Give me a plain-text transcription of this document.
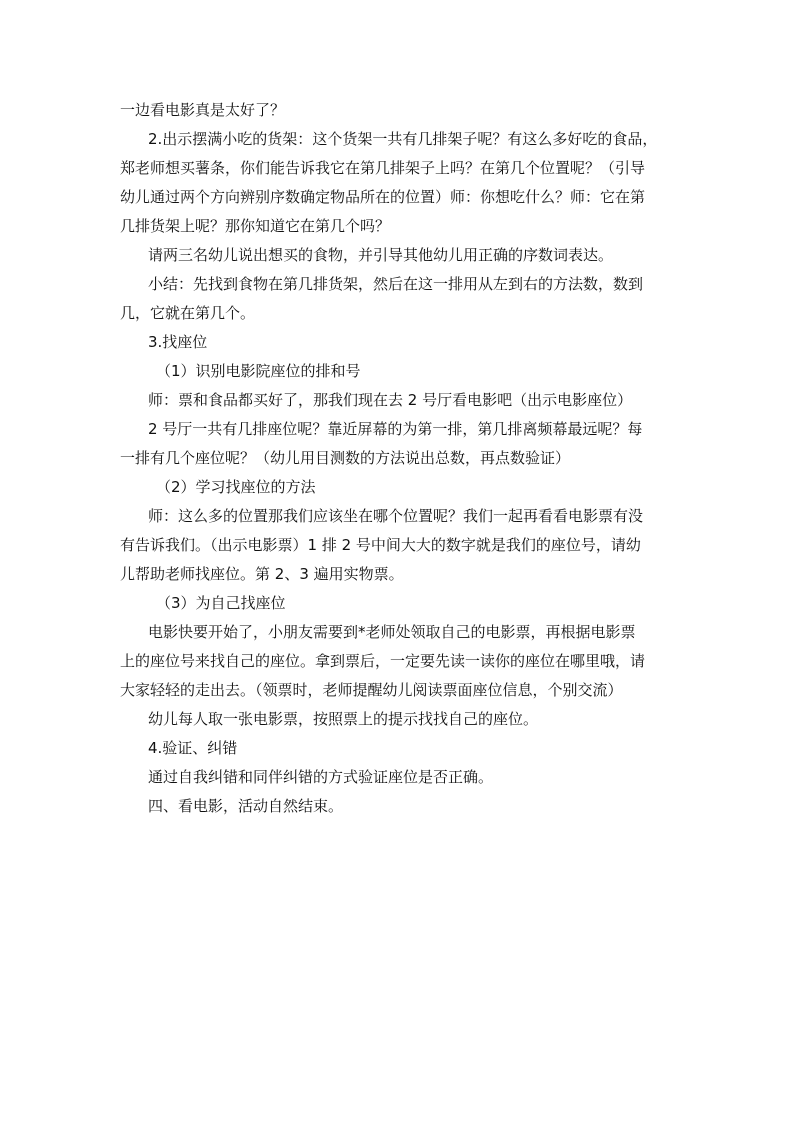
一边看电影真是太好了？

2.出示摆满小吃的货架：这个货架一共有几排架子呢？有这么多好吃的食品，

郑老师想买薯条，你们能告诉我它在第几排架子上吗？在第几个位置呢？（引导

幼儿通过两个方向辨别序数确定物品所在的位置）师：你想吃什么？师：它在第

几排货架上呢？那你知道它在第几个吗？

请两三名幼儿说出想买的食物，并引导其他幼儿用正确的序数词表达。

小结：先找到食物在第几排货架，然后在这一排用从左到右的方法数，数到

几，它就在第几个。

3.找座位

（1）识别电影院座位的排和号

师：票和食品都买好了，那我们现在去 2 号厅看电影吧（出示电影座位）

2 号厅一共有几排座位呢？靠近屏幕的为第一排，第几排离频幕最远呢？每

一排有几个座位呢？（幼儿用目测数的方法说出总数，再点数验证）

（2）学习找座位的方法

师：这么多的位置那我们应该坐在哪个位置呢？我们一起再看看电影票有没

有告诉我们。（出示电影票）1 排 2 号中间大大的数字就是我们的座位号，请幼

儿帮助老师找座位。第 2、3 遍用实物票。

（3）为自己找座位

电影快要开始了，小朋友需要到*老师处领取自己的电影票，再根据电影票

上的座位号来找自己的座位。拿到票后，一定要先读一读你的座位在哪里哦，请

大家轻轻的走出去。（领票时，老师提醒幼儿阅读票面座位信息，个别交流）

幼儿每人取一张电影票，按照票上的提示找找自己的座位。

4.验证、纠错

通过自我纠错和同伴纠错的方式验证座位是否正确。

四、看电影，活动自然结束。
